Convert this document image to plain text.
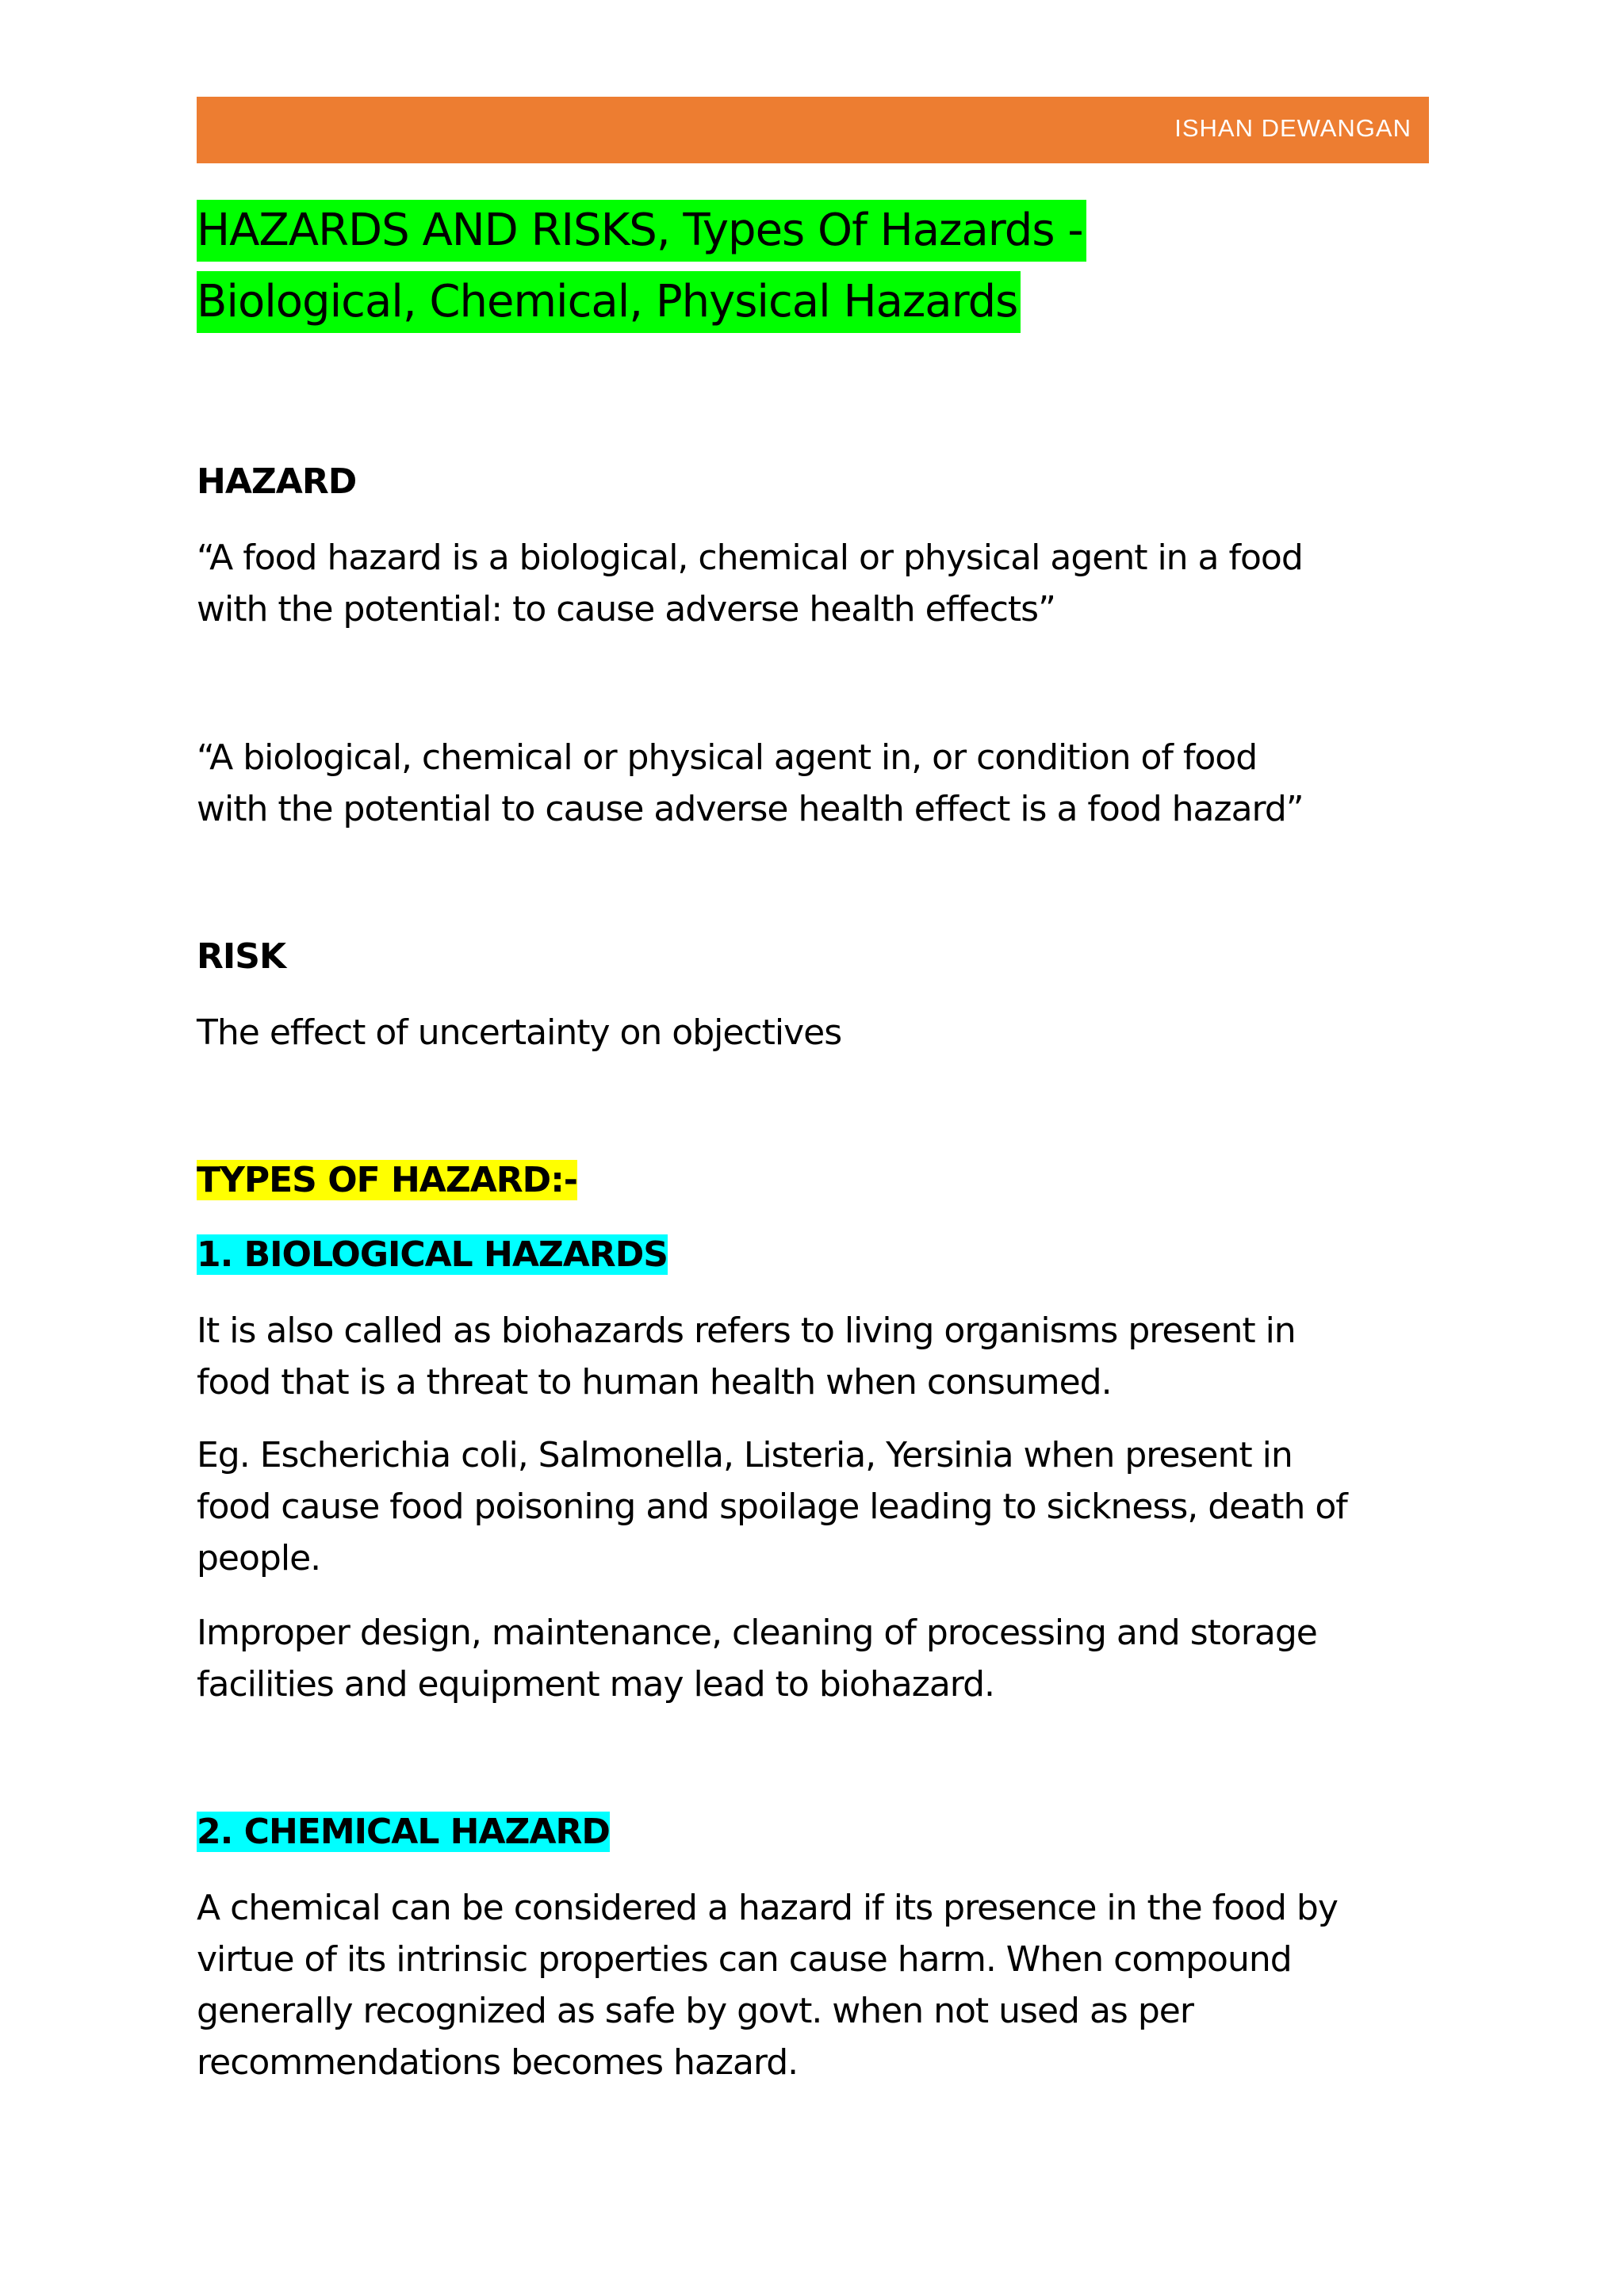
ISHAN DEWANGAN
HAZARDS AND RISKS, Types Of Hazards -
Biological, Chemical, Physical Hazards
HAZARD
“A food hazard is a biological, chemical or physical agent in a food
with the potential: to cause adverse health effects”
“A biological, chemical or physical agent in, or condition of food
with the potential to cause adverse health effect is a food hazard”
RISK
The effect of uncertainty on objectives
TYPES OF HAZARD:-
1. BIOLOGICAL HAZARDS
It is also called as biohazards refers to living organisms present in
food that is a threat to human health when consumed.
Eg. Escherichia coli, Salmonella, Listeria, Yersinia when present in
food cause food poisoning and spoilage leading to sickness, death of
people.
Improper design, maintenance, cleaning of processing and storage
facilities and equipment may lead to biohazard.
2. CHEMICAL HAZARD
A chemical can be considered a hazard if its presence in the food by
virtue of its intrinsic properties can cause harm. When compound
generally recognized as safe by govt. when not used as per
recommendations becomes hazard.
